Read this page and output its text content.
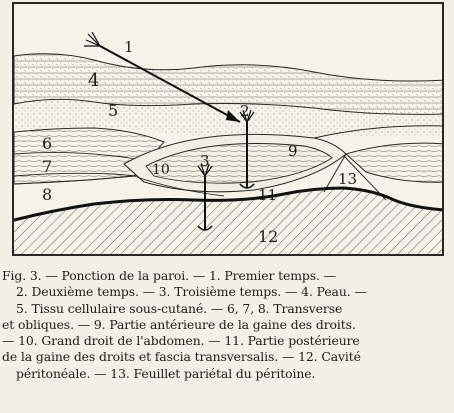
1
2
3
4
5
6
7
8
9
10
11
12
13
Fig. 3. — Ponction de la paroi. — 1. Premier temps. —
2. Deuxième temps. — 3. Troisième temps. — 4. Peau. —
5. Tissu cellulaire sous-cutané. — 6, 7, 8. Transverse
et obliques. — 9. Partie antérieure de la gaine des droits.
— 10. Grand droit de l'abdomen. — 11. Partie postérieure
de la gaine des droits et fascia transversalis. — 12. Cavité
péritonéale. — 13. Feuillet pariétal du péritoine.
